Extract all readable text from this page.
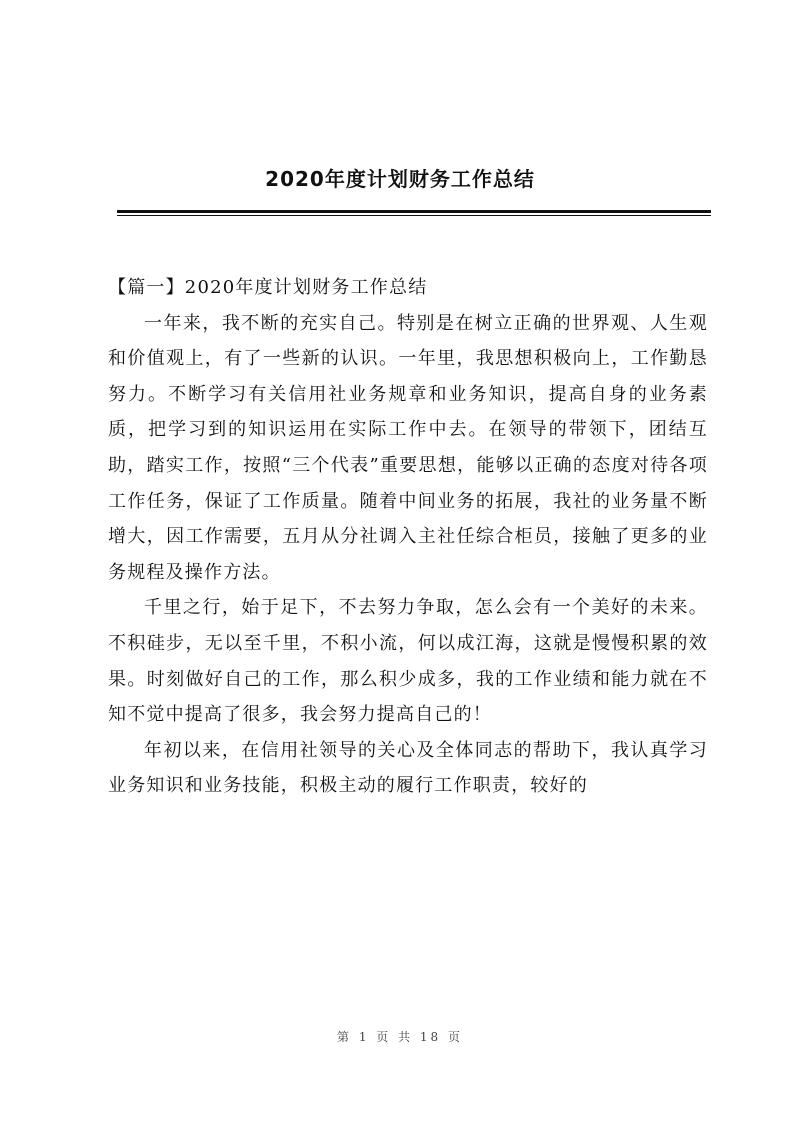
2020年度计划财务工作总结

【篇一】2020年度计划财务工作总结

一年来，我不断的充实自己。特别是在树立正确的世界观、人生观和价值观上，有了一些新的认识。一年里，我思想积极向上，工作勤恳努力。不断学习有关信用社业务规章和业务知识，提高自身的业务素质，把学习到的知识运用在实际工作中去。在领导的带领下，团结互助，踏实工作，按照“三个代表”重要思想，能够以正确的态度对待各项工作任务，保证了工作质量。随着中间业务的拓展，我社的业务量不断增大，因工作需要，五月从分社调入主社任综合柜员，接触了更多的业务规程及操作方法。

千里之行，始于足下，不去努力争取，怎么会有一个美好的未来。不积硅步，无以至千里，不积小流，何以成江海，这就是慢慢积累的效果。时刻做好自己的工作，那么积少成多，我的工作业绩和能力就在不知不觉中提高了很多，我会努力提高自己的！

年初以来，在信用社领导的关心及全体同志的帮助下，我认真学习业务知识和业务技能，积极主动的履行工作职责，较好的

第 1 页 共 18 页
